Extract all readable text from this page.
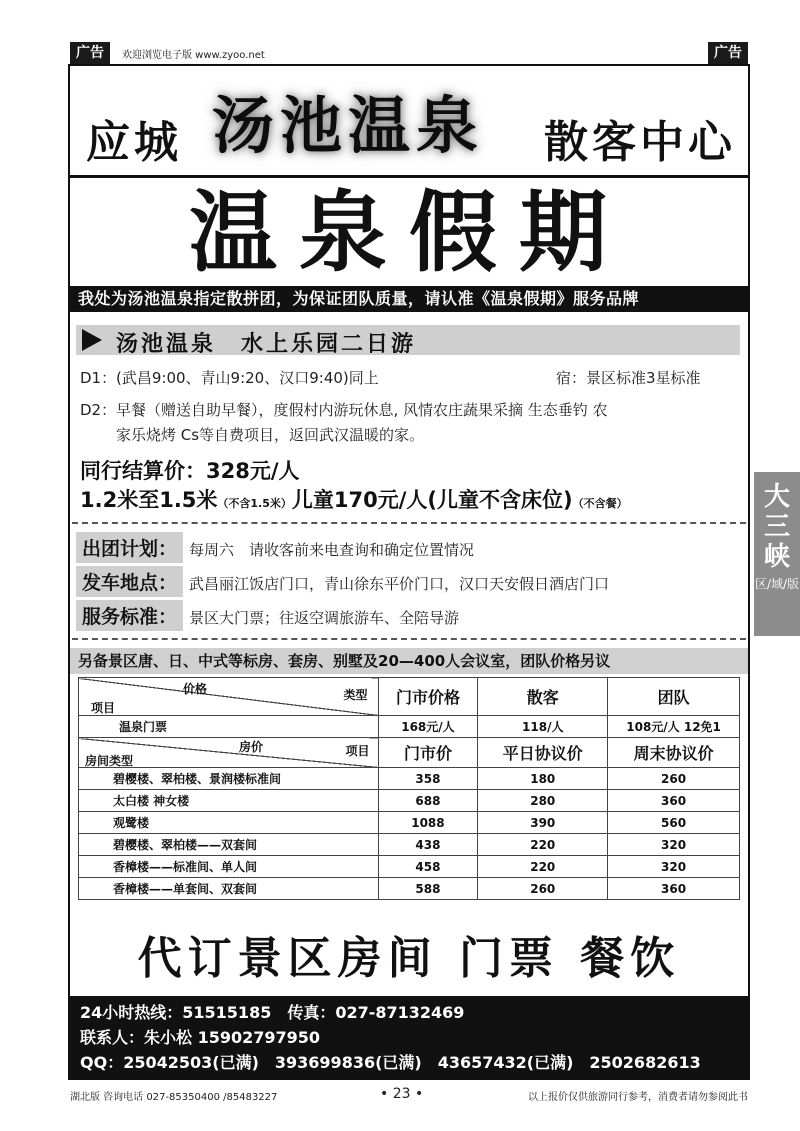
广告	欢迎浏览电子版 www.zyoo.net	广告
应城 汤池温泉 散客中心
温泉假期
我处为汤池温泉指定散拼团，为保证团队质量，请认准《温泉假期》服务品牌
汤池温泉　水上乐园二日游
D1：(武昌9:00、青山9:20、汉口9:40)同上	宿：景区标准3星标准
D2：早餐（赠送自助早餐），度假村内游玩休息, 风情农庄蔬果采摘 生态垂钓 农
家乐烧烤 Cs等自费项目，返回武汉温暖的家。
同行结算价：328元/人
1.2米至1.5米（不含1.5米）儿童170元/人(儿童不含床位)（不含餐）
出团计划： 每周六　请收客前来电查询和确定位置情况
发车地点： 武昌丽江饭店门口，青山徐东平价门口，汉口天安假日酒店门口
服务标准： 景区大门票；往返空调旅游车、全陪导游
另备景区唐、日、中式等标房、套房、别墅及20—400人会议室，团队价格另议
价格 类型
项目	门市价格	散客	团队
温泉门票	168元/人	118/人	108元/人 12免1

房价 项目
房间类型	门市价	平日协议价	周末协议价
碧樱楼、翠柏楼、景润楼标准间	358	180	260
太白楼 神女楼	688	280	360
观鹭楼	1088	390	560
碧樱楼、翠柏楼——双套间	438	220	320
香樟楼——标准间、单人间	458	220	320
香樟楼——单套间、双套间	588	260	360
代订景区房间 门票 餐饮
24小时热线：51515185　传真：027-87132469
联系人：朱小松 15902797950
QQ：25042503(已满)　393699836(已满)　43657432(已满)　2502682613
大三峡
区/域/版
湖北版 咨询电话 027-85350400 /85483227	• 23 •	以上报价仅供旅游同行参考，消费者请勿参阅此书
